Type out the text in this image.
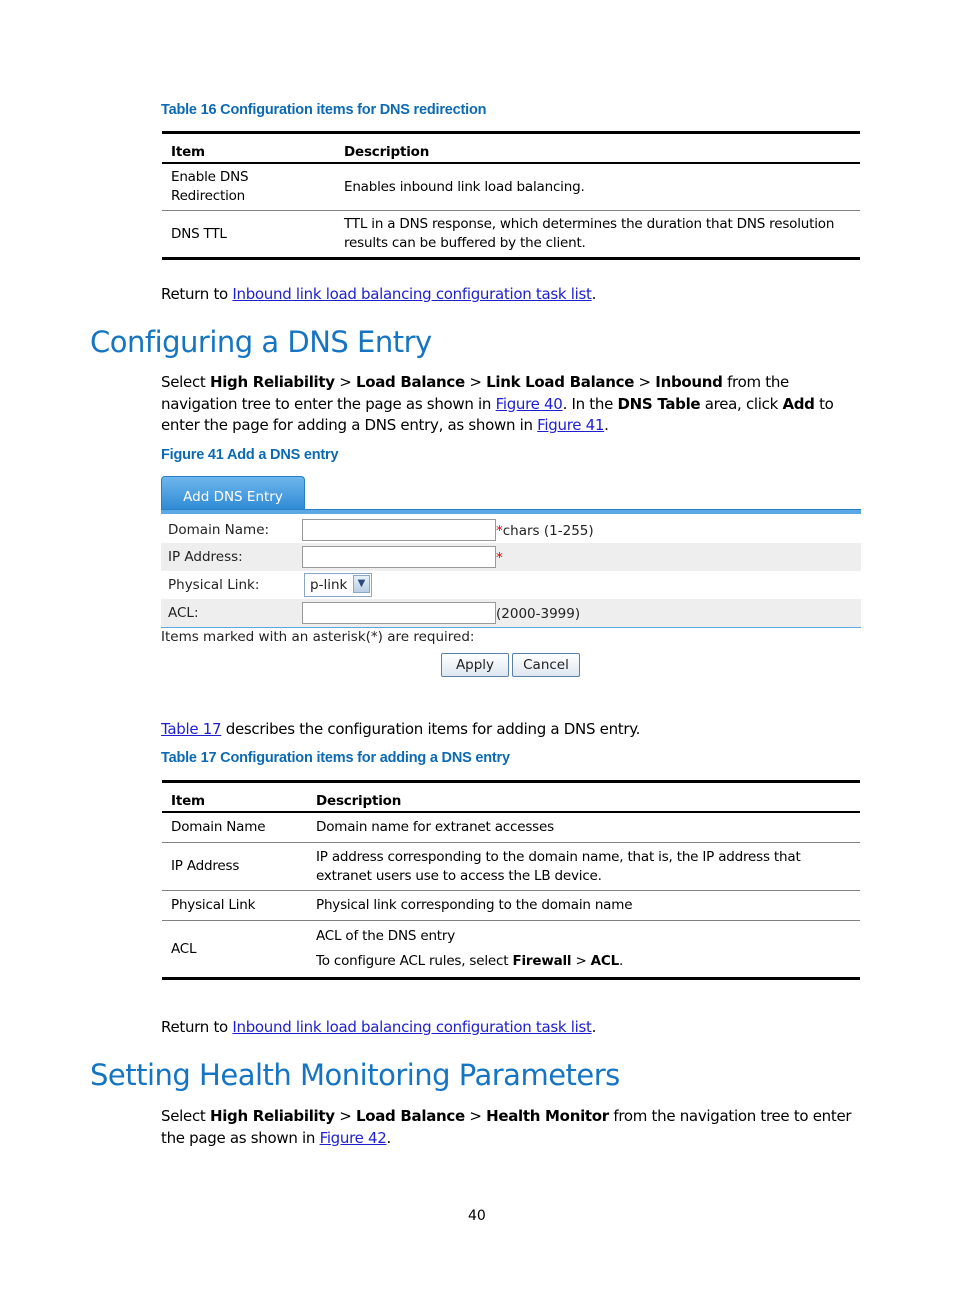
Table 16 Configuration items for DNS redirection
Item	Description
Enable DNS Redirection	Enables inbound link load balancing.
DNS TTL	TTL in a DNS response, which determines the duration that DNS resolution results can be buffered by the client.
Return to Inbound link load balancing configuration task list.
Configuring a DNS Entry
Select High Reliability > Load Balance > Link Load Balance > Inbound from the navigation tree to enter the page as shown in Figure 40. In the DNS Table area, click Add to enter the page for adding a DNS entry, as shown in Figure 41.
Figure 41 Add a DNS entry
Add DNS Entry
Domain Name:	*chars (1-255)
IP Address:	*
Physical Link:	p-link	▼
ACL:	(2000-3999)
Items marked with an asterisk(*) are required:
Apply	Cancel
Table 17 describes the configuration items for adding a DNS entry.
Table 17 Configuration items for adding a DNS entry
Item	Description
Domain Name	Domain name for extranet accesses
IP Address	IP address corresponding to the domain name, that is, the IP address that extranet users use to access the LB device.
Physical Link	Physical link corresponding to the domain name
ACL	ACL of the DNS entry
To configure ACL rules, select Firewall > ACL.
Return to Inbound link load balancing configuration task list.
Setting Health Monitoring Parameters
Select High Reliability > Load Balance > Health Monitor from the navigation tree to enter the page as shown in Figure 42.
40
